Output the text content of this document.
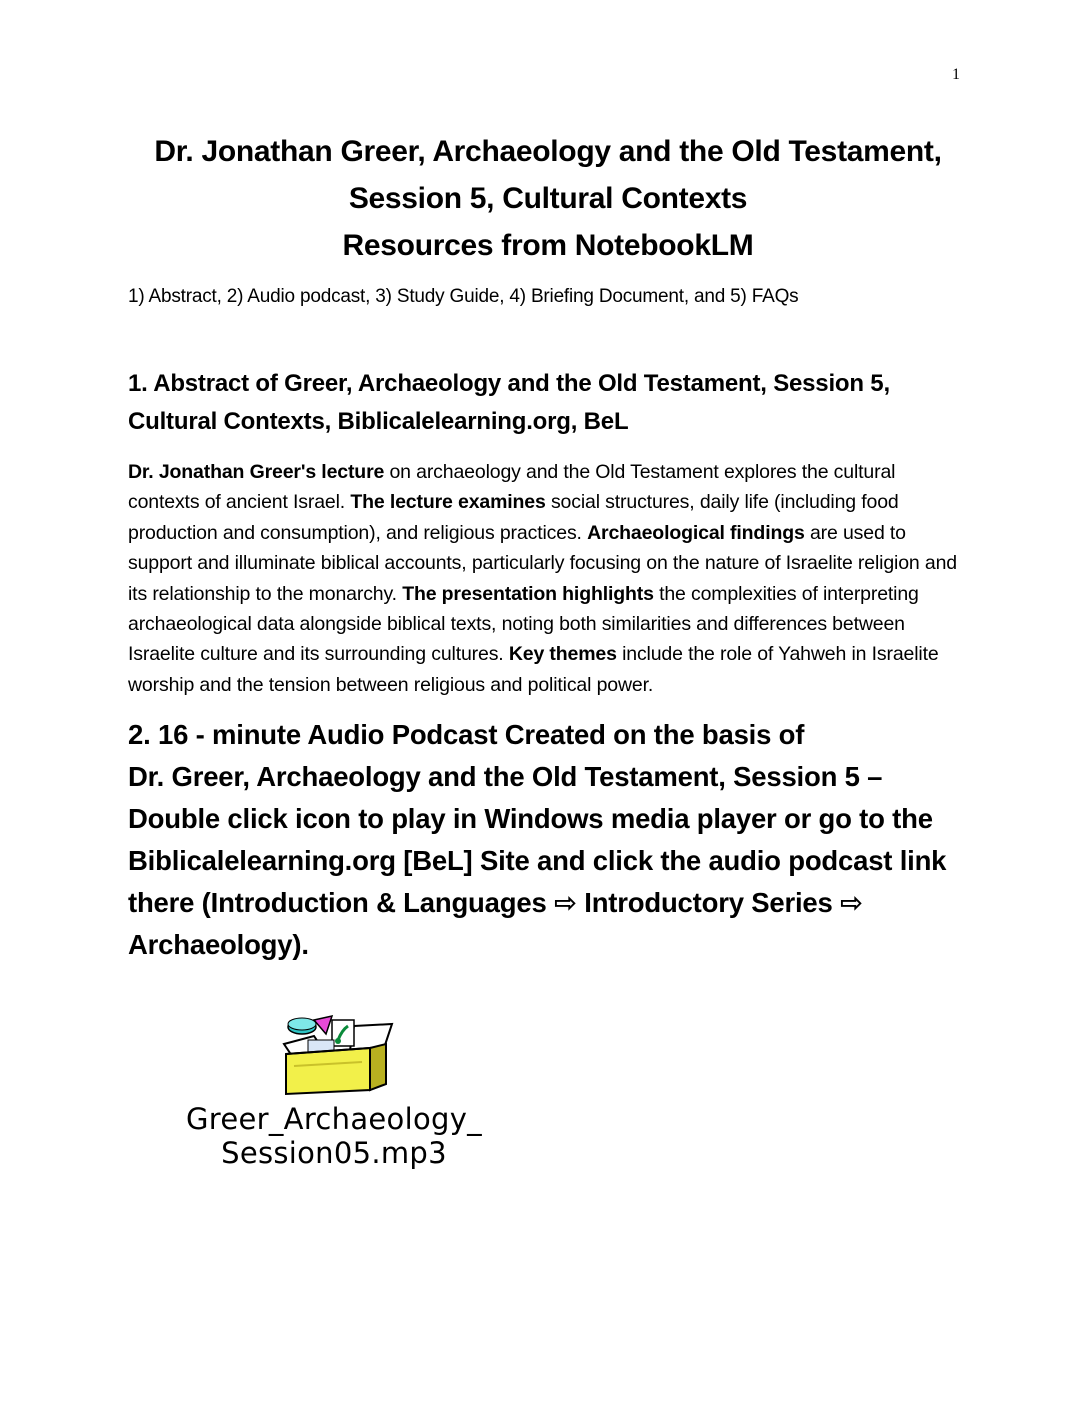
1
Dr. Jonathan Greer, Archaeology and the Old Testament,
Session 5, Cultural Contexts
Resources from NotebookLM
1) Abstract, 2) Audio podcast, 3) Study Guide, 4) Briefing Document, and 5) FAQs
1. Abstract of Greer, Archaeology and the Old Testament, Session 5,
Cultural Contexts, Biblicalelearning.org, BeL
Dr. Jonathan Greer's lecture on archaeology and the Old Testament explores the cultural contexts of ancient Israel. The lecture examines social structures, daily life (including food production and consumption), and religious practices. Archaeological findings are used to support and illuminate biblical accounts, particularly focusing on the nature of Israelite religion and its relationship to the monarchy. The presentation highlights the complexities of interpreting archaeological data alongside biblical texts, noting both similarities and differences between Israelite culture and its surrounding cultures. Key themes include the role of Yahweh in Israelite worship and the tension between religious and political power.
2. 16 - minute Audio Podcast Created on the basis of
Dr. Greer, Archaeology and the Old Testament, Session 5 – Double click icon to play in Windows media player or go to the Biblicalelearning.org [BeL] Site and click the audio podcast link there (Introduction & Languages ⇨ Introductory Series ⇨ Archaeology).
Greer_Archaeology_
Session05.mp3
